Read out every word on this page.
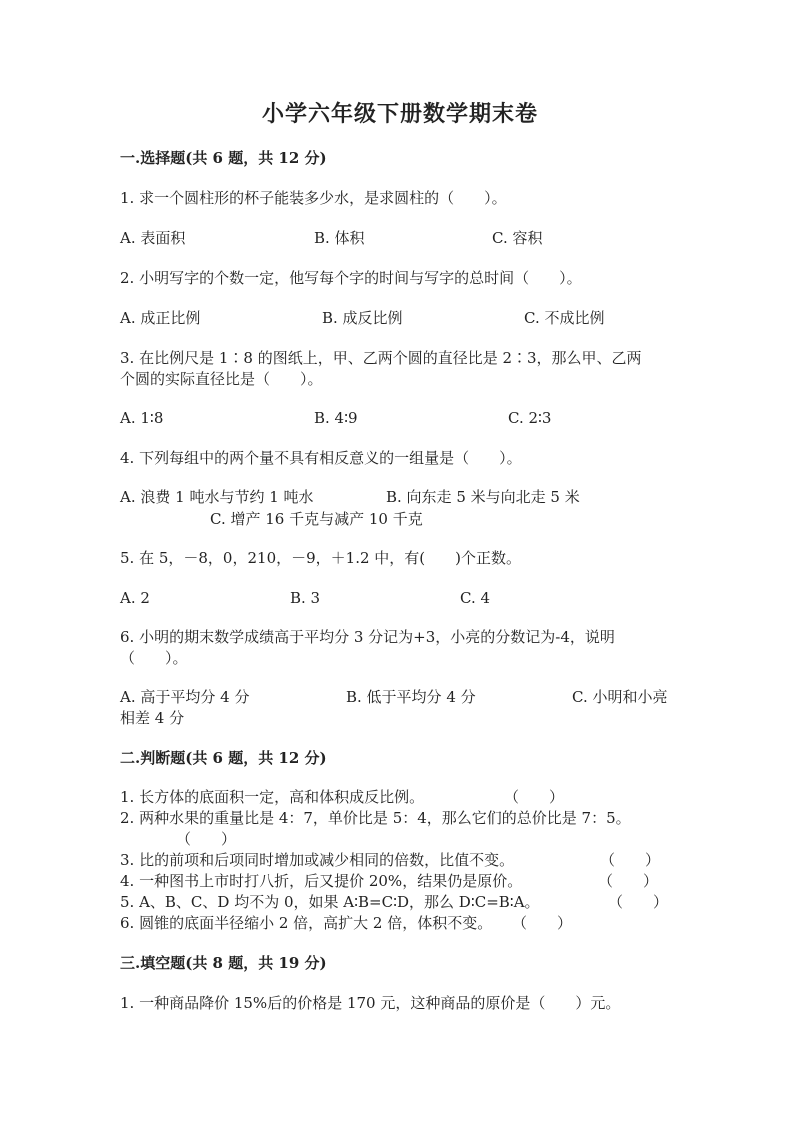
小学六年级下册数学期末卷
一.选择题(共 6 题，共 12 分)
1. 求一个圆柱形的杯子能装多少水，是求圆柱的（　　）。
A. 表面积	B. 体积	C. 容积
2. 小明写字的个数一定，他写每个字的时间与写字的总时间（　　）。
A. 成正比例	B. 成反比例	C. 不成比例
3. 在比例尺是 1∶8 的图纸上，甲、乙两个圆的直径比是 2∶3，那么甲、乙两
个圆的实际直径比是（　　）。
A. 1∶8	B. 4∶9	C. 2∶3
4. 下列每组中的两个量不具有相反意义的一组量是（　　）。
A. 浪费 1 吨水与节约 1 吨水	B. 向东走 5 米与向北走 5 米
C. 增产 16 千克与减产 10 千克
5. 在 5，－8，0，210，－9，＋1.2 中，有(　　)个正数。
A. 2	B. 3	C. 4
6. 小明的期末数学成绩高于平均分 3 分记为+3，小亮的分数记为-4，说明
（　　）。
A. 高于平均分 4 分	B. 低于平均分 4 分	C. 小明和小亮
相差 4 分
二.判断题(共 6 题，共 12 分)
1. 长方体的底面积一定，高和体积成反比例。	（　　）
2. 两种水果的重量比是 4：7，单价比是 5：4，那么它们的总价比是 7：5。
（　　）
3. 比的前项和后项同时增加或减少相同的倍数，比值不变。	（　　）
4. 一种图书上市时打八折，后又提价 20%，结果仍是原价。	（　　）
5. A、B、C、D 均不为 0，如果 A∶B=C∶D，那么 D∶C=B∶A。	（　　）
6. 圆锥的底面半径缩小 2 倍，高扩大 2 倍，体积不变。 （　　）
三.填空题(共 8 题，共 19 分)
1. 一种商品降价 15%后的价格是 170 元，这种商品的原价是（　　）元。
